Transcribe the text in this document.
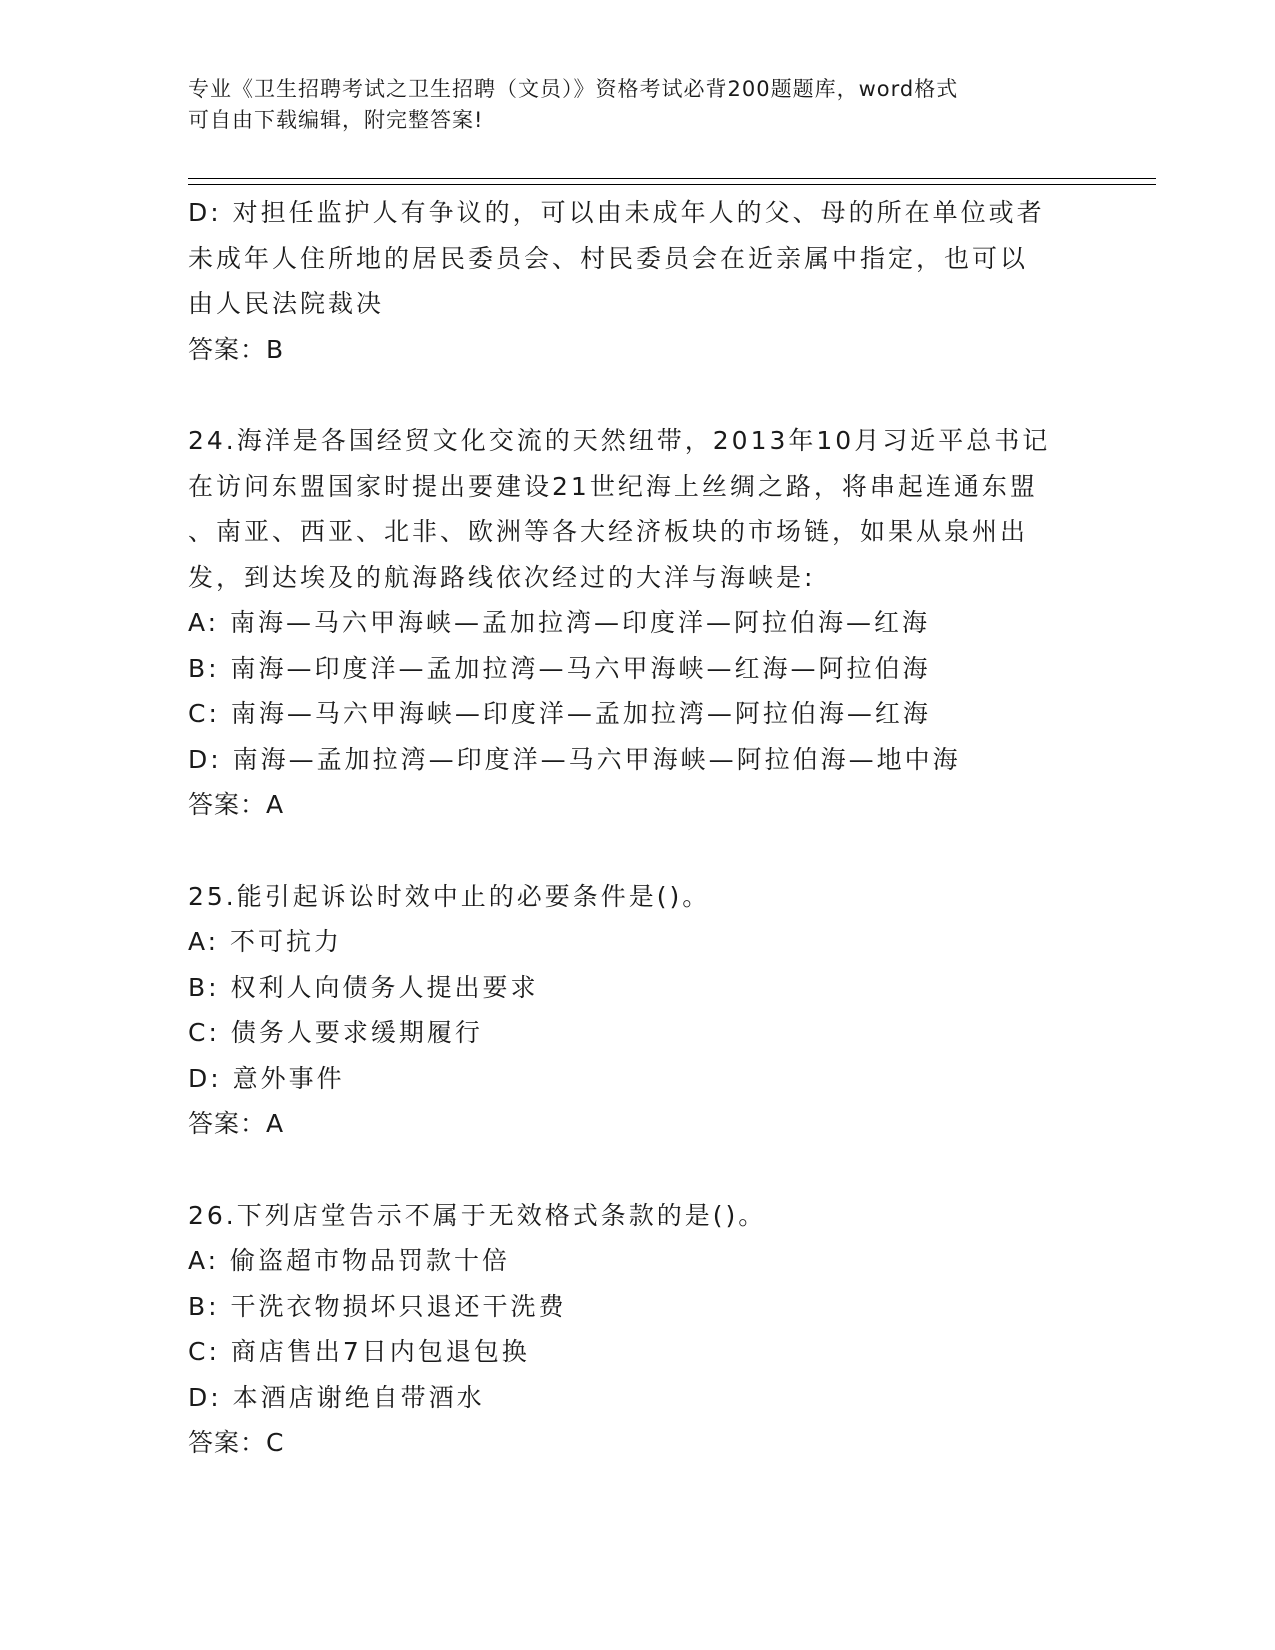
专业《卫生招聘考试之卫生招聘（文员）》资格考试必背200题题库，word格式
可自由下载编辑，附完整答案!
D: 对担任监护人有争议的，可以由未成年人的父、母的所在单位或者
未成年人住所地的居民委员会、村民委员会在近亲属中指定，也可以
由人民法院裁决
答案：B
24.海洋是各国经贸文化交流的天然纽带，2013年10月习近平总书记
在访问东盟国家时提出要建设21世纪海上丝绸之路，将串起连通东盟
、南亚、西亚、北非、欧洲等各大经济板块的市场链，如果从泉州出
发，到达埃及的航海路线依次经过的大洋与海峡是:
A: 南海—马六甲海峡—孟加拉湾—印度洋—阿拉伯海—红海
B: 南海—印度洋—孟加拉湾—马六甲海峡—红海—阿拉伯海
C: 南海—马六甲海峡—印度洋—孟加拉湾—阿拉伯海—红海
D: 南海—孟加拉湾—印度洋—马六甲海峡—阿拉伯海—地中海
答案：A
25.能引起诉讼时效中止的必要条件是()。
A: 不可抗力
B: 权利人向债务人提出要求
C: 债务人要求缓期履行
D: 意外事件
答案：A
26.下列店堂告示不属于无效格式条款的是()。
A: 偷盗超市物品罚款十倍
B: 干洗衣物损坏只退还干洗费
C: 商店售出7日内包退包换
D: 本酒店谢绝自带酒水
答案：C
